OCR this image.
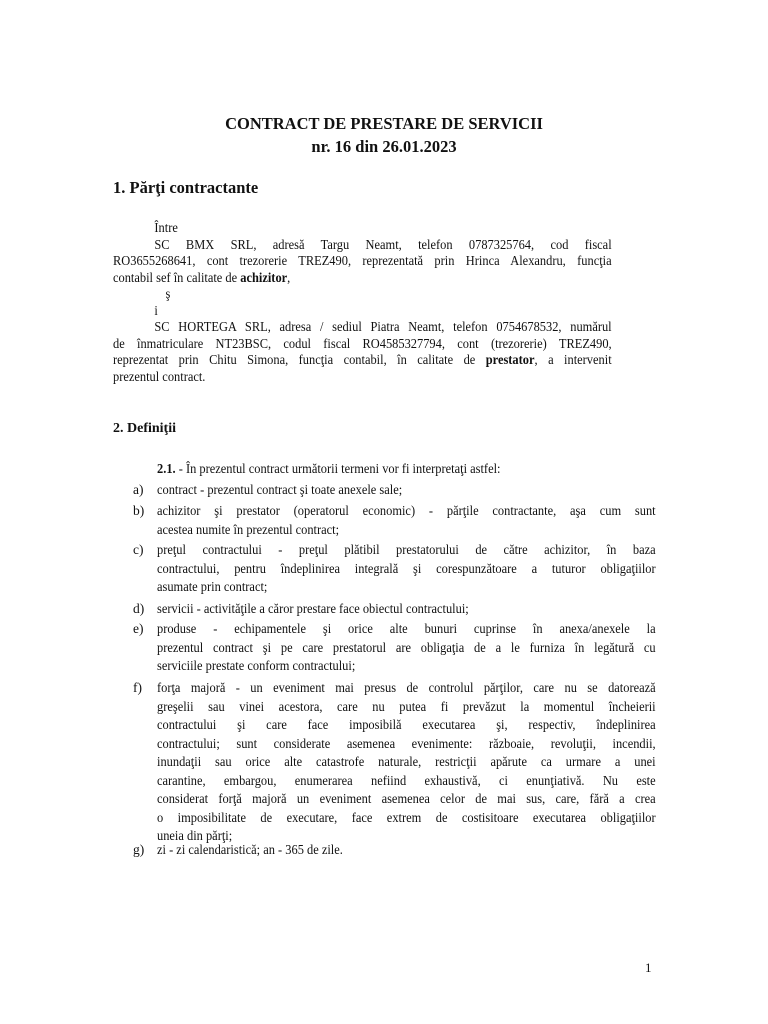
CONTRACT DE PRESTARE DE SERVICII
nr. 16 din 26.01.2023
1. Părţi contractante
Între
SC BMX SRL, adresă Targu Neamt, telefon 0787325764, cod fiscal
RO3655268641, cont trezorerie TREZ490, reprezentată prin Hrinca Alexandru, funcţia
contabil sef în calitate de achizitor,
ş
i
SC HORTEGA SRL, adresa / sediul Piatra Neamt, telefon 0754678532, numărul
de înmatriculare NT23BSC, codul fiscal RO4585327794, cont (trezorerie) TREZ490,
reprezentat prin Chitu Simona, funcţia contabil, în calitate de prestator, a intervenit
prezentul contract.
2. Definiţii
2.1. - În prezentul contract următorii termeni vor fi interpretaţi astfel:
a) contract - prezentul contract şi toate anexele sale;
b) achizitor şi prestator (operatorul economic) - părţile contractante, aşa cum sunt
acestea numite în prezentul contract;
c) preţul contractului - preţul plătibil prestatorului de către achizitor, în baza
contractului, pentru îndeplinirea integrală şi corespunzătoare a tuturor obligaţiilor
asumate prin contract;
d) servicii - activităţile a căror prestare face obiectul contractului;
e) produse - echipamentele şi orice alte bunuri cuprinse în anexa/anexele la
prezentul contract şi pe care prestatorul are obligaţia de a le furniza în legătură cu
serviciile prestate conform contractului;
f) forţa majoră - un eveniment mai presus de controlul părţilor, care nu se datorează
greşelii sau vinei acestora, care nu putea fi prevăzut la momentul încheierii
contractului şi care face imposibilă executarea şi, respectiv, îndeplinirea
contractului; sunt considerate asemenea evenimente: războaie, revoluţii, incendii,
inundaţii sau orice alte catastrofe naturale, restricţii apărute ca urmare a unei
carantine, embargou, enumerarea nefiind exhaustivă, ci enunţiativă. Nu este
considerat forţă majoră un eveniment asemenea celor de mai sus, care, fără a crea
o imposibilitate de executare, face extrem de costisitoare executarea obligaţiilor
uneia din părţi;
g) zi - zi calendaristică; an - 365 de zile.
1
